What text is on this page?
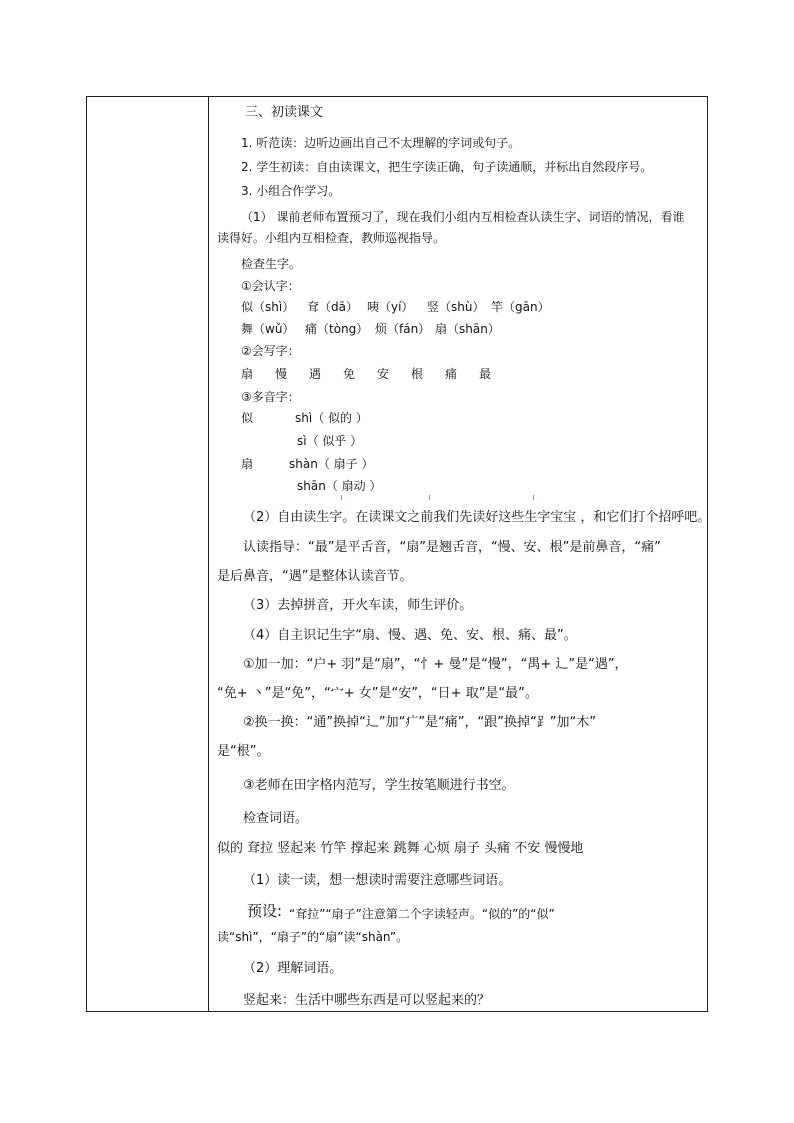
三、初读课文
1. 听范读：边听边画出自己不太理解的字词或句子。
2. 学生初读：自由读课文，把生字读正确，句子读通顺，并标出自然段序号。
3. 小组合作学习。
（1） 课前老师布置预习了，现在我们小组内互相检查认读生字、词语的情况，看谁
读得好。小组内互相检查，教师巡视指导。
检查生字。
①会认字：
似（shì） 耷（dā） 咦（yí） 竖（shù） 竿（gān）
舞（wǔ） 痛（tòng） 烦（fán） 扇（shān）
②会写字：
扇 慢 遇 免 安 根 痛 最
③多音字：
似	shì（ 似的 ）
sì（ 似乎 ）
扇	shàn（ 扇子 ）
shān（ 扇动 ）
（2）自由读生字。在读课文之前我们先读好这些生字宝宝 ，和它们打个招呼吧。
认读指导：“最”是平舌音，“扇”是翘舌音，“慢、安、根”是前鼻音，“痛”
是后鼻音，“遇”是整体认读音节。
（3）去掉拼音，开火车读，师生评价。
（4）自主识记生字“扇、慢、遇、免、安、根、痛、最”。
①加一加：“户+ 羽”是“扇”，“忄+ 曼”是“慢”，“禺+ 辶”是“遇”，
“免+ 丶”是“免”，“宀+ 女”是“安”，“日+ 取”是“最”。
②换一换：“通”换掉“辶”加“疒”是“痛”，“跟”换掉“⻊”加“木”
是“根”。
③老师在田字格内范写，学生按笔顺进行书空。
检查词语。
似的 耷拉 竖起来 竹竿 撑起来 跳舞 心烦 扇子 头痛 不安 慢慢地
（1）读一读，想一想读时需要注意哪些词语。
预设: “耷拉”“扇子”注意第二个字读轻声。“似的”的“似”
读“shì”，“扇子”的“扇”读“shàn”。
（2）理解词语。
竖起来：生活中哪些东西是可以竖起来的？
